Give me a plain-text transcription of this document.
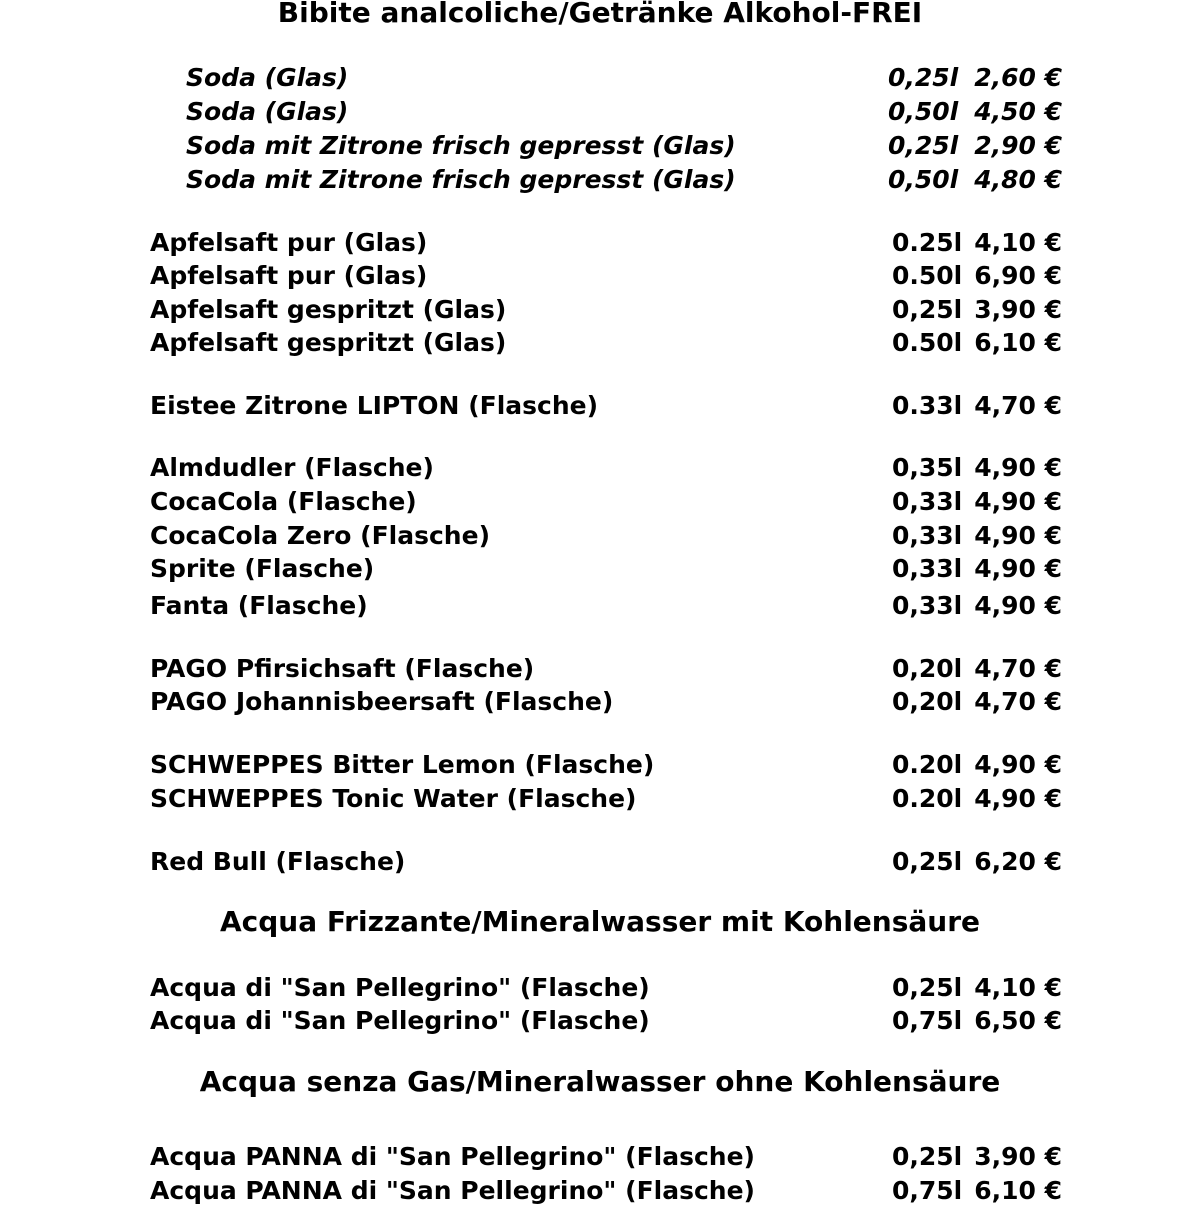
Bibite analcoliche/Getränke Alkohol-FREI
Soda (Glas)	0,25l 2,60 €
Soda (Glas)	0,50l 4,50 €
Soda mit Zitrone frisch gepresst (Glas)	0,25l 2,90 €
Soda mit Zitrone frisch gepresst (Glas)	0,50l 4,80 €
Apfelsaft pur (Glas)	0.25l 4,10 €
Apfelsaft pur (Glas)	0.50l 6,90 €
Apfelsaft gespritzt (Glas)	0,25l 3,90 €
Apfelsaft gespritzt (Glas)	0.50l 6,10 €
Eistee Zitrone LIPTON (Flasche)	0.33l 4,70 €
Almdudler (Flasche)	0,35l 4,90 €
CocaCola (Flasche)	0,33l 4,90 €
CocaCola Zero (Flasche)	0,33l 4,90 €
Sprite (Flasche)	0,33l 4,90 €
Fanta (Flasche)	0,33l 4,90 €
PAGO Pfirsichsaft (Flasche)	0,20l 4,70 €
PAGO Johannisbeersaft (Flasche)	0,20l 4,70 €
SCHWEPPES Bitter Lemon (Flasche)	0.20l 4,90 €
SCHWEPPES Tonic Water (Flasche)	0.20l 4,90 €
Red Bull (Flasche)	0,25l 6,20 €
Acqua Frizzante/Mineralwasser mit Kohlensäure
Acqua di "San Pellegrino" (Flasche)	0,25l 4,10 €
Acqua di "San Pellegrino" (Flasche)	0,75l 6,50 €
Acqua senza Gas/Mineralwasser ohne Kohlensäure
Acqua PANNA di "San Pellegrino" (Flasche)	0,25l 3,90 €
Acqua PANNA di "San Pellegrino" (Flasche)	0,75l 6,10 €
